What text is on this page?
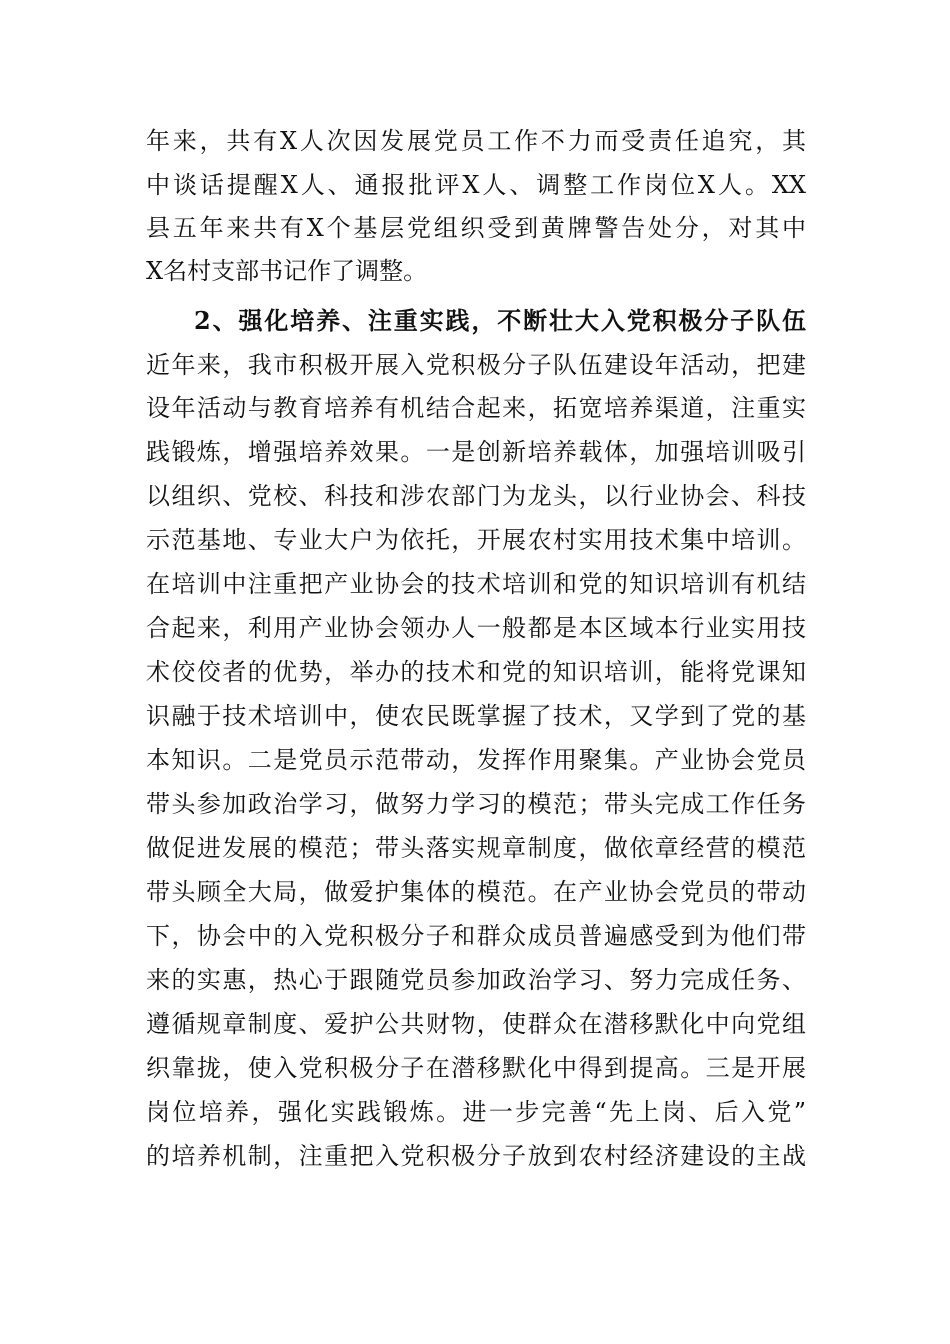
年来，共有X人次因发展党员工作不力而受责任追究，其
中谈话提醒X人、通报批评X人、调整工作岗位X人。XX
县五年来共有X个基层党组织受到黄牌警告处分，对其中
X名村支部书记作了调整。
2、强化培养、注重实践，不断壮大入党积极分子队伍
近年来，我市积极开展入党积极分子队伍建设年活动，把建
设年活动与教育培养有机结合起来，拓宽培养渠道，注重实
践锻炼，增强培养效果。一是创新培养载体，加强培训吸引
以组织、党校、科技和涉农部门为龙头，以行业协会、科技
示范基地、专业大户为依托，开展农村实用技术集中培训。
在培训中注重把产业协会的技术培训和党的知识培训有机结
合起来，利用产业协会领办人一般都是本区域本行业实用技
术佼佼者的优势，举办的技术和党的知识培训，能将党课知
识融于技术培训中，使农民既掌握了技术，又学到了党的基
本知识。二是党员示范带动，发挥作用聚集。产业协会党员
带头参加政治学习，做努力学习的模范；带头完成工作任务
做促进发展的模范；带头落实规章制度，做依章经营的模范
带头顾全大局，做爱护集体的模范。在产业协会党员的带动
下，协会中的入党积极分子和群众成员普遍感受到为他们带
来的实惠，热心于跟随党员参加政治学习、努力完成任务、
遵循规章制度、爱护公共财物，使群众在潜移默化中向党组
织靠拢，使入党积极分子在潜移默化中得到提高。三是开展
岗位培养，强化实践锻炼。进一步完善“先上岗、后入党”
的培养机制，注重把入党积极分子放到农村经济建设的主战
